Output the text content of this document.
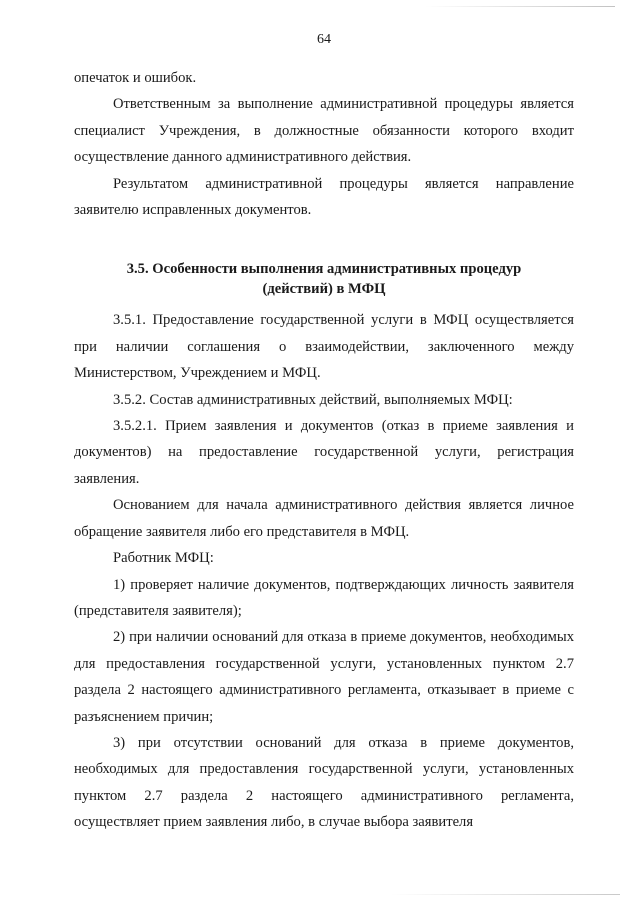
64

опечаток и ошибок.

Ответственным за выполнение административной процедуры является специалист Учреждения, в должностные обязанности которого входит осуществление данного административного действия.

Результатом административной процедуры является направление заявителю исправленных документов.

3.5. Особенности выполнения административных процедур
(действий) в МФЦ

3.5.1. Предоставление государственной услуги в МФЦ осуществляется при наличии соглашения о взаимодействии, заключенного между Министерством, Учреждением и МФЦ.

3.5.2. Состав административных действий, выполняемых МФЦ:

3.5.2.1. Прием заявления и документов (отказ в приеме заявления и документов) на предоставление государственной услуги, регистрация заявления.

Основанием для начала административного действия является личное обращение заявителя либо его представителя в МФЦ.

Работник МФЦ:

1) проверяет наличие документов, подтверждающих личность заявителя (представителя заявителя);

2) при наличии оснований для отказа в приеме документов, необходимых для предоставления государственной услуги, установленных пунктом 2.7 раздела 2 настоящего административного регламента, отказывает в приеме с разъяснением причин;

3) при отсутствии оснований для отказа в приеме документов, необходимых для предоставления государственной услуги, установленных пунктом 2.7 раздела 2 настоящего административного регламента, осуществляет прием заявления либо, в случае выбора заявителя
